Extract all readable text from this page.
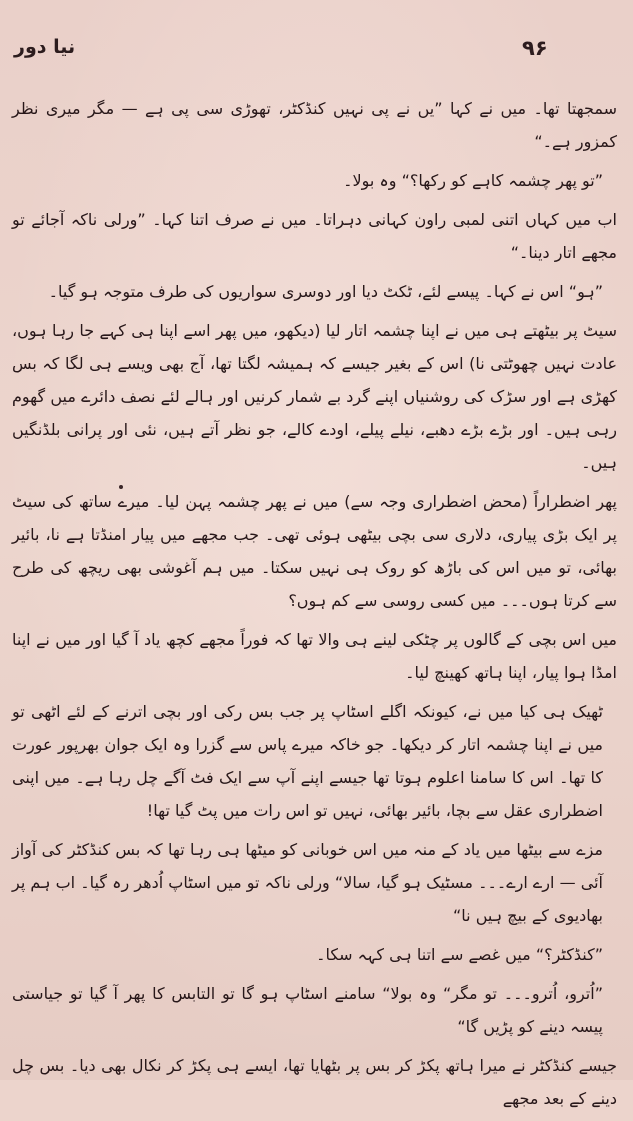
۹۶
نیا دور

سمجھتا تھا۔ میں نے کہا ”یں نے پی نہیں کنڈکٹر، تھوڑی سی پی ہے — مگر میری نظر کمزور ہے۔“

”تو پھر چشمہ کاہے کو رکھا؟“ وہ بولا۔

اب میں کہاں اتنی لمبی راون کہانی دہراتا۔ میں نے صرف اتنا کہا۔ ”ورلی ناکہ آجائے تو مجھے اتار دینا۔“

”ہو“ اس نے کہا۔ پیسے لئے، ٹکٹ دیا اور دوسری سواریوں کی طرف متوجہ ہو گیا۔

سیٹ پر بیٹھتے ہی میں نے اپنا چشمہ اتار لیا (دیکھو، میں پھر اسے اپنا ہی کہے جا رہا ہوں، عادت نہیں چھوٹتی نا) اس کے بغیر جیسے کہ ہمیشہ لگتا تھا، آج بھی ویسے ہی لگا کہ بس کھڑی ہے اور سڑک کی روشنیاں اپنے گرد بے شمار کرنیں اور ہالے لئے نصف دائرے میں گھوم رہی ہیں۔ اور بڑے بڑے دھبے، نیلے پیلے، اودے کالے، جو نظر آتے ہیں، نئی اور پرانی بلڈنگیں ہیں۔

پھر اضطراراً (محض اضطراری وجہ سے) میں نے پھر چشمہ پہن لیا۔ میرے ساتھ کی سیٹ پر ایک بڑی پیاری، دلاری سی بچی بیٹھی ہوئی تھی۔ جب مجھے میں پیار امنڈتا ہے نا، بائیر بھائی، تو میں اس کی باڑھ کو روک ہی نہیں سکتا۔ میں ہم آغوشی بھی ریچھ کی طرح سے کرتا ہوں۔۔۔ میں کسی روسی سے کم ہوں؟

میں اس بچی کے گالوں پر چٹکی لینے ہی والا تھا کہ فوراً مجھے کچھ یاد آ گیا اور میں نے اپنا امڈا ہوا پیار، اپنا ہاتھ کھینچ لیا۔

ٹھیک ہی کیا میں نے، کیونکہ اگلے اسٹاپ پر جب بس رکی اور بچی اترنے کے لئے اٹھی تو میں نے اپنا چشمہ اتار کر دیکھا۔ جو خاکہ میرے پاس سے گزرا وہ ایک جوان بھرپور عورت کا تھا۔ اس کا سامنا اعلوم ہوتا تھا جیسے اپنے آپ سے ایک فٹ آگے چل رہا ہے۔ میں اپنی اضطراری عقل سے بچا، بائیر بھائی، نہیں تو اس رات میں پٹ گیا تھا!

مزے سے بیٹھا میں یاد کے منہ میں اس خوبانی کو میٹھا ہی رہا تھا کہ بس کنڈکٹر کی آواز آئی — ارے ارے۔۔۔ مسٹیک ہو گیا، سالا“ ورلی ناکہ تو میں اسٹاپ اُدھر رہ گیا۔ اب ہم پر بھادیوی کے بیچ ہیں نا“

”کنڈکٹر؟“ میں غصے سے اتنا ہی کہہ سکا۔

”اُترو، اُترو۔۔۔ تو مگر“ وہ بولا“ سامنے اسٹاپ ہو گا تو التابس کا پھر آ گیا تو جیاستی پیسہ دینے کو پڑیں گا“

جیسے کنڈکٹر نے میرا ہاتھ پکڑ کر بس پر بٹھایا تھا، ایسے ہی پکڑ کر نکال بھی دیا۔ بس چل دینے کے بعد مجھے
